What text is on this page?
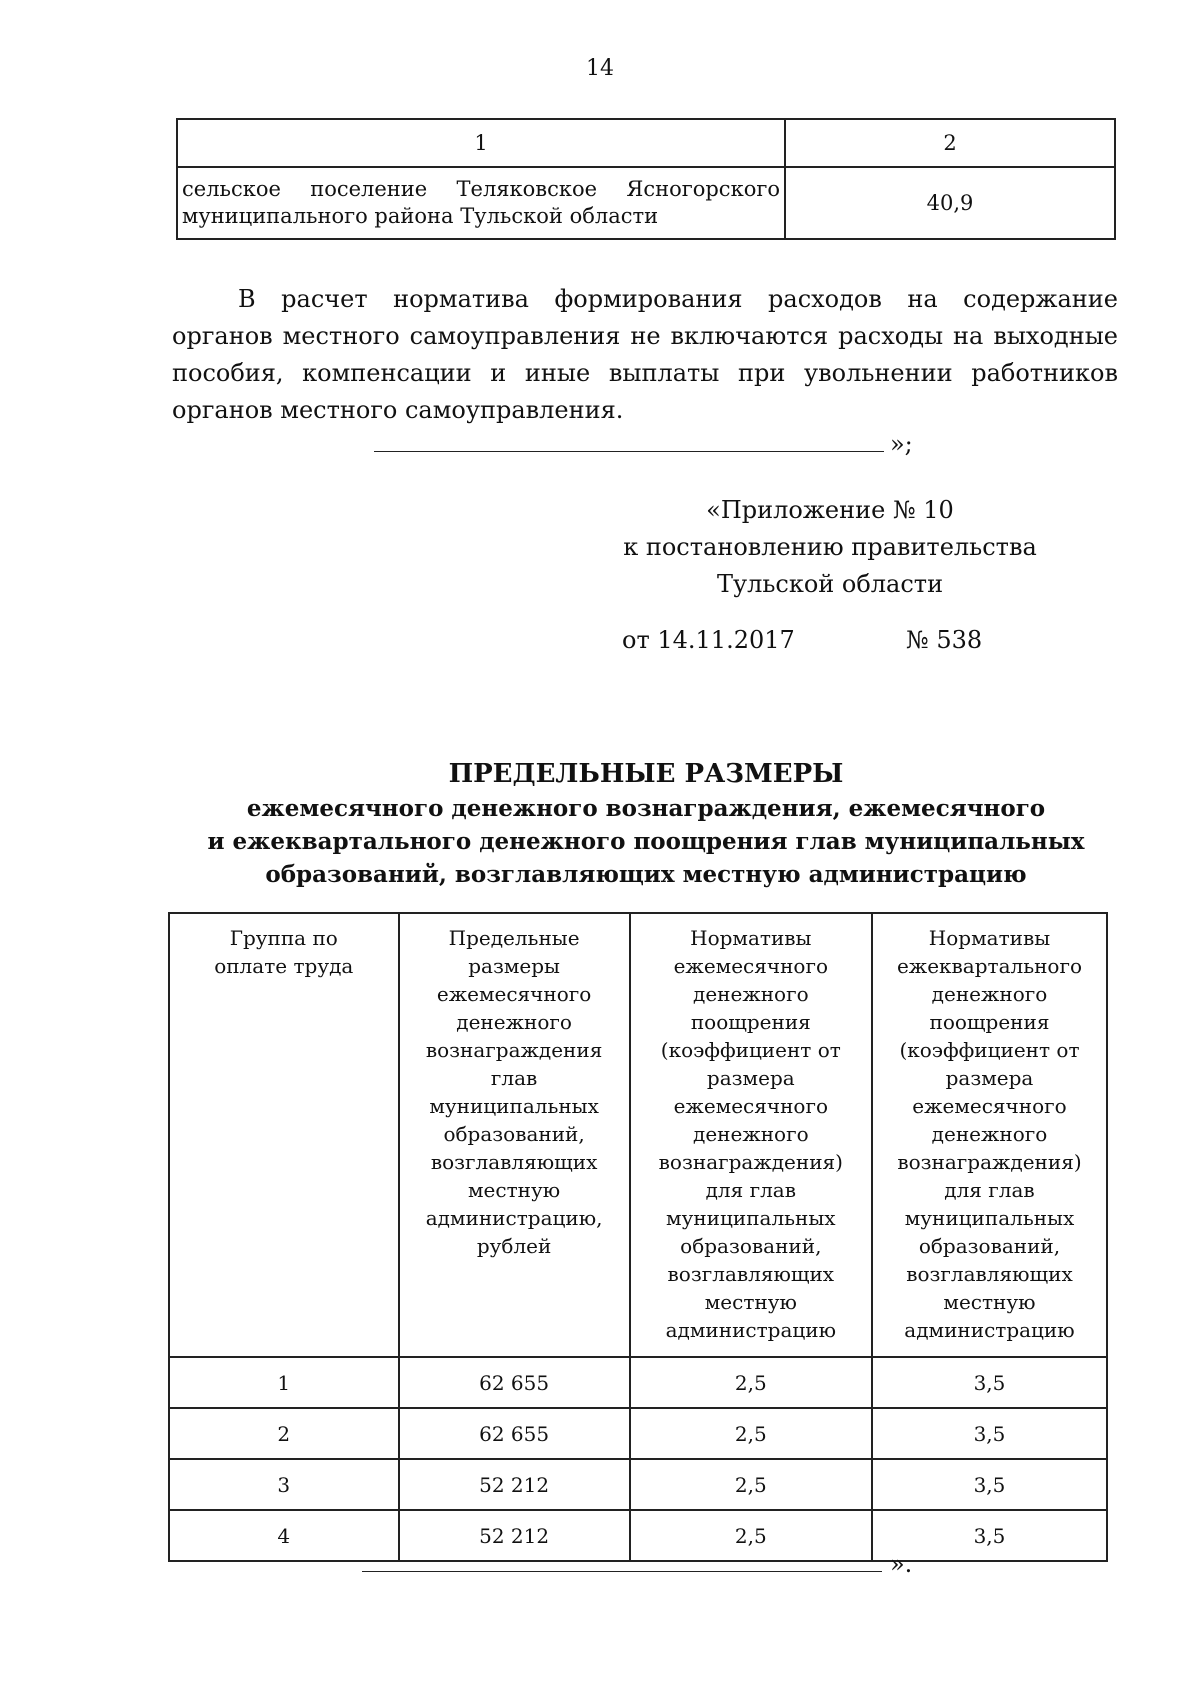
14
1	2

сельское поселение Теляковское Ясногорского
муниципального района Тульской области	40,9
В расчет норматива формирования расходов на содержание органов местного самоуправления не включаются расходы на выходные пособия, компенсации и иные выплаты при увольнении работников органов местного самоуправления.
»;
«Приложение № 10
к постановлению правительства
Тульской области
от 14.11.2017	№ 538
ПРЕДЕЛЬНЫЕ РАЗМЕРЫ
ежемесячного денежного вознаграждения, ежемесячного
и ежеквартального денежного поощрения глав муниципальных
образований, возглавляющих местную администрацию
Группа по оплате труда	Предельные размеры ежемесячного денежного вознаграждения глав муниципальных образований, возглавляющих местную администрацию, рублей	Нормативы ежемесячного денежного поощрения (коэффициент от размера ежемесячного денежного вознаграждения) для глав муниципальных образований, возглавляющих местную администрацию	Нормативы ежеквартального денежного поощрения (коэффициент от размера ежемесячного денежного вознаграждения) для глав муниципальных образований, возглавляющих местную администрацию
1	62 655	2,5	3,5
2	62 655	2,5	3,5
3	52 212	2,5	3,5
4	52 212	2,5	3,5
».
